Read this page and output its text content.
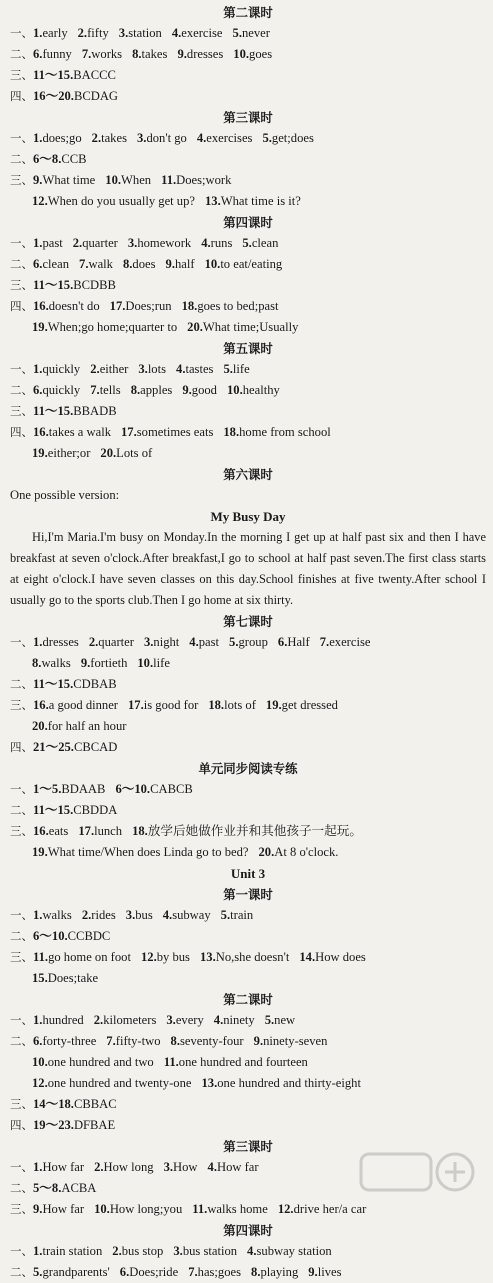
第二课时
一、1.early 2.fifty 3.station 4.exercise 5.never
二、6.funny 7.works 8.takes 9.dresses 10.goes
三、11～15.BACCC
四、16～20.BCDAG
第三课时
一、1.does;go 2.takes 3.don't go 4.exercises 5.get;does
二、6～8.CCB
三、9.What time 10.When 11.Does;work
12.When do you usually get up? 13.What time is it?
第四课时
一、1.past 2.quarter 3.homework 4.runs 5.clean
二、6.clean 7.walk 8.does 9.half 10.to eat/eating
三、11～15.BCDBB
四、16.doesn't do 17.Does;run 18.goes to bed;past
19.When;go home;quarter to 20.What time;Usually
第五课时
一、1.quickly 2.either 3.lots 4.tastes 5.life
二、6.quickly 7.tells 8.apples 9.good 10.healthy
三、11～15.BBADB
四、16.takes a walk 17.sometimes eats 18.home from school
19.either;or 20.Lots of
第六课时
One possible version:
My Busy Day
Hi,I'm Maria.I'm busy on Monday.In the morning I get up at half past six and then I have breakfast at seven o'clock.After breakfast,I go to school at half past seven.The first class starts at eight o'clock.I have seven classes on this day.School finishes at five twenty.After school I usually go to the sports club.Then I go home at six thirty.
第七课时
一、1.dresses 2.quarter 3.night 4.past 5.group 6.Half 7.exercise
8.walks 9.fortieth 10.life
二、11～15.CDBAB
三、16.a good dinner 17.is good for 18.lots of 19.get dressed
20.for half an hour
四、21～25.CBCAD
单元同步阅读专练
一、1～5.BDAAB 6～10.CABCB
二、11～15.CBDDA
三、16.eats 17.lunch 18.放学后她做作业并和其他孩子一起玩。
19.What time/When does Linda go to bed? 20.At 8 o'clock.
Unit 3
第一课时
一、1.walks 2.rides 3.bus 4.subway 5.train
二、6～10.CCBDC
三、11.go home on foot 12.by bus 13.No,she doesn't 14.How does
15.Does;take
第二课时
一、1.hundred 2.kilometers 3.every 4.ninety 5.new
二、6.forty-three 7.fifty-two 8.seventy-four 9.ninety-seven
10.one hundred and two 11.one hundred and fourteen
12.one hundred and twenty-one 13.one hundred and thirty-eight
三、14～18.CBBAC
四、19～23.DFBAE
第三课时
一、1.How far 2.How long 3.How 4.How far
二、5～8.ACBA
三、9.How far 10.How long;you 11.walks home 12.drive her/a car
第四课时
一、1.train station 2.bus stop 3.bus station 4.subway station
二、5.grandparents' 6.Does;ride 7.has;goes 8.playing 9.lives
